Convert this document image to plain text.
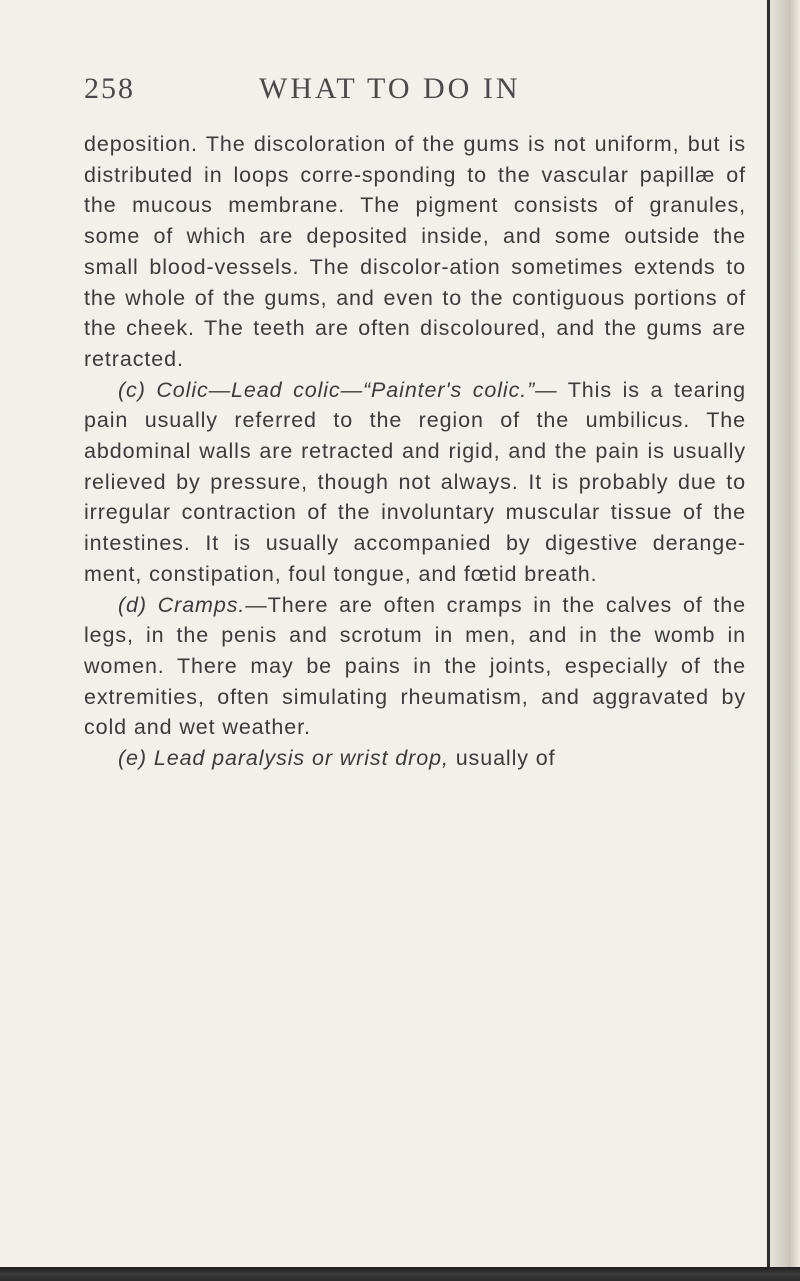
258	WHAT TO DO IN

deposition. The discoloration of the gums is not uniform, but is distributed in loops corre-sponding to the vascular papillæ of the mucous membrane. The pigment consists of granules, some of which are deposited inside, and some outside the small blood-vessels. The discolor-ation sometimes extends to the whole of the gums, and even to the contiguous portions of the cheek. The teeth are often discoloured, and the gums are retracted.

(c) Colic—Lead colic—“Painter's colic.”— This is a tearing pain usually referred to the region of the umbilicus. The abdominal walls are retracted and rigid, and the pain is usually relieved by pressure, though not always. It is probably due to irregular contraction of the involuntary muscular tissue of the intestines. It is usually accompanied by digestive derange-ment, constipation, foul tongue, and fœtid breath.

(d) Cramps.—There are often cramps in the calves of the legs, in the penis and scrotum in men, and in the womb in women. There may be pains in the joints, especially of the extremities, often simulating rheumatism, and aggravated by cold and wet weather.

(e) Lead paralysis or wrist drop, usually of
